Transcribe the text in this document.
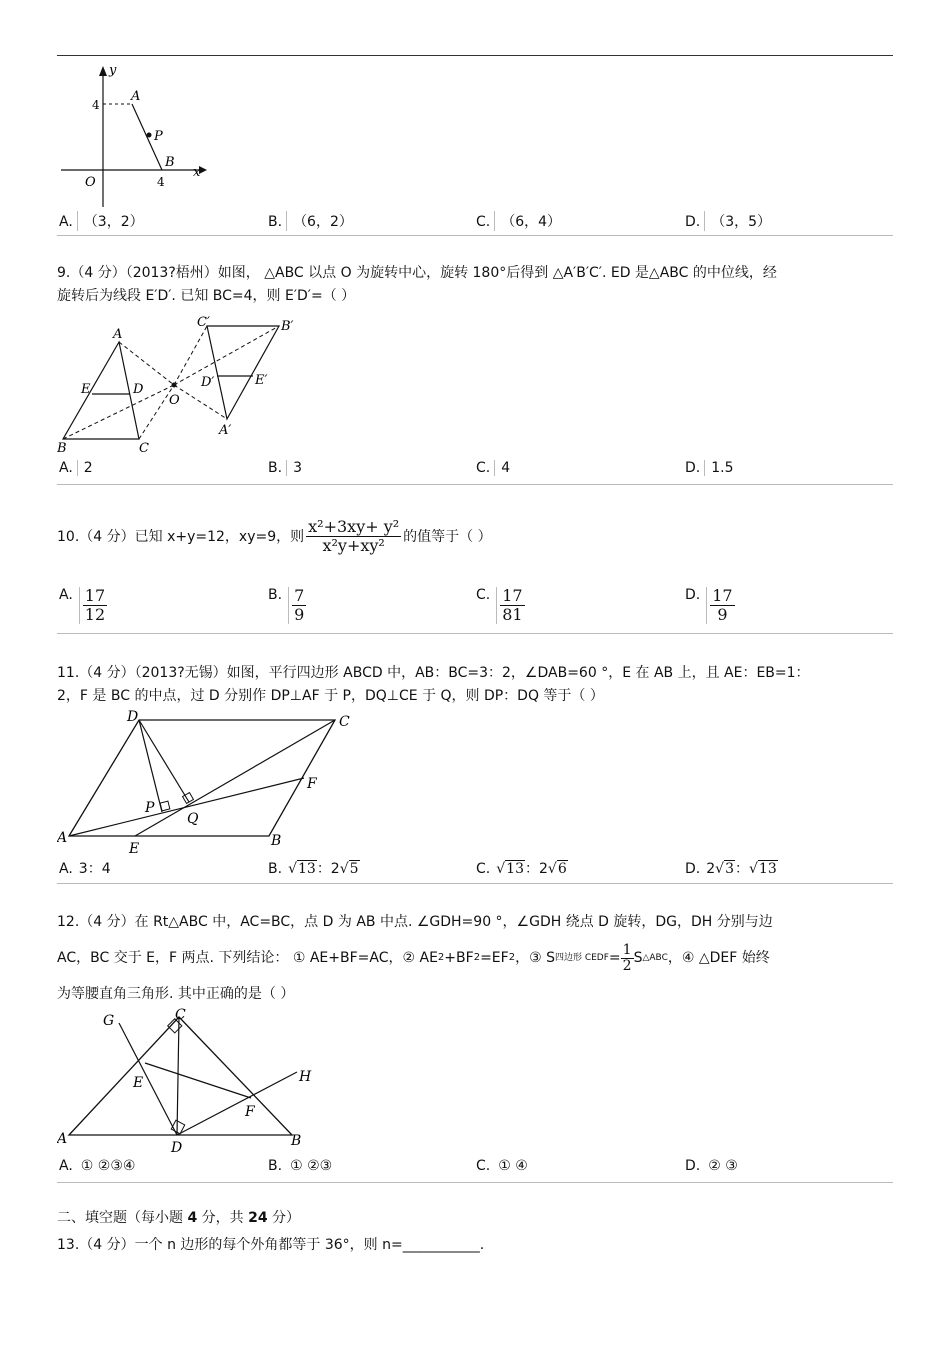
y
x
O
4
4
A
P
B
A. （3，2）	B. （6，2）	C. （6，4）	D. （3，5）
9.（4 分）（2013?梧州）如图， △ABC 以点 O 为旋转中心，旋转 180°后得到 △A′B′C′. ED 是△ABC 的中位线，经
旋转后为线段 E′D′. 已知 BC=4，则 E′D′=（ ）
A
B	C
D
E
O
A′
B′
C′
D′	E′
A. 2	B. 3	C. 4	D. 1.5
10.（4 分）已知 x+y=12，xy=9，则 $\frac{\text{x²+3xy+ y²}}{\text{x²y+xy²}}$ 的值等于（ ）
A. $\frac{17}{12}$	B. $\frac{7}{9}$	C. $\frac{17}{81}$	D. $\frac{17}{9}$
11.（4 分）（2013?无锡）如图，平行四边形 ABCD 中，AB：BC=3：2，∠DAB=60 °，E 在 AB 上，且 AE：EB=1：
2，F 是 BC 的中点，过 D 分别作 DP⊥AF 于 P，DQ⊥CE 于 Q，则 DP：DQ 等于（ ）
D	C
A	B
E
F
P
Q
A. 3：4	B. √13：2√5	C. √13：2√6	D. 2√3：√13
12.（4 分）在 Rt△ABC 中，AC=BC，点 D 为 AB 中点. ∠GDH=90 °，∠GDH 绕点 D 旋转，DG，DH 分别与边
AC，BC 交于 E，F 两点. 下列结论： ① AE+BF=AC，② AE 2 +BF 2 =EF 2 ，③ S 四边形 CEDF = $\frac{1}{2}$ S △ABC ，④ △DEF 始终
为等腰直角三角形. 其中正确的是（ ）
G	C
E	H
F
A
D	B
A. ① ②③④	B. ① ②③	C. ① ④	D. ② ③
二、填空题（每小题 4 分，共 24 分）
13.（4 分）一个 n 边形的每个外角都等于 36°，则 n=___________.
